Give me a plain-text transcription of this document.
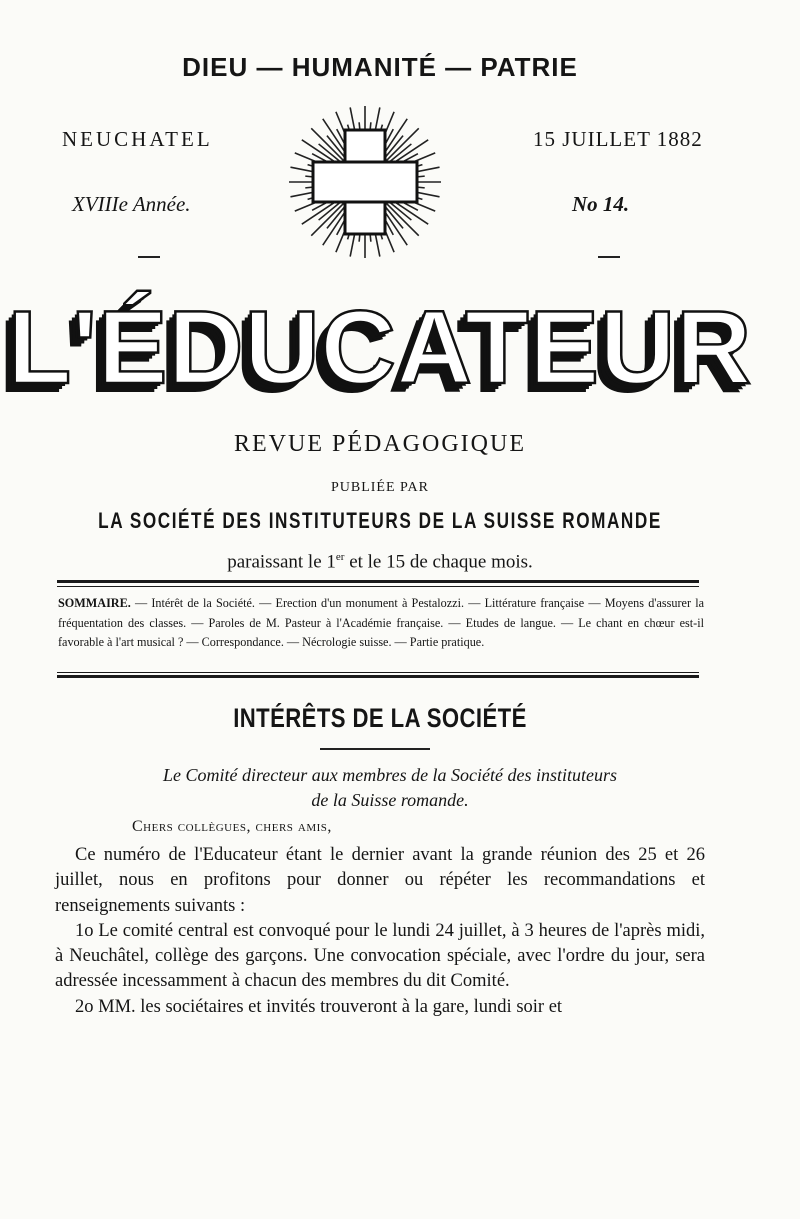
DIEU — HUMANITÉ — PATRIE
NEUCHATEL	15 JUILLET 1882
XVIIIe Année.	No 14.
L'ÉDUCATEUR
REVUE PÉDAGOGIQUE
PUBLIÉE PAR
LA SOCIÉTÉ DES INSTITUTEURS DE LA SUISSE ROMANDE
paraissant le 1er et le 15 de chaque mois.
SOMMAIRE. — Intérêt de la Société. — Erection d'un monument à Pestalozzi. — Littérature française — Moyens d'assurer la fréquentation des classes. — Paroles de M. Pasteur à l'Académie française. — Etudes de langue. — Le chant en chœur est-il favorable à l'art musical ? — Correspondance. — Nécrologie suisse. — Partie pratique.
INTÉRÊTS DE LA SOCIÉTÉ
Le Comité directeur aux membres de la Société des instituteurs
de la Suisse romande.
Chers collègues, chers amis,

Ce numéro de l'Educateur étant le dernier avant la grande réunion des 25 et 26 juillet, nous en profitons pour donner ou répéter les recommandations et renseignements suivants :

1o Le comité central est convoqué pour le lundi 24 juillet, à 3 heures de l'après midi, à Neuchâtel, collège des garçons. Une convocation spéciale, avec l'ordre du jour, sera adressée incessamment à chacun des membres du dit Comité.

2o MM. les sociétaires et invités trouveront à la gare, lundi soir et
